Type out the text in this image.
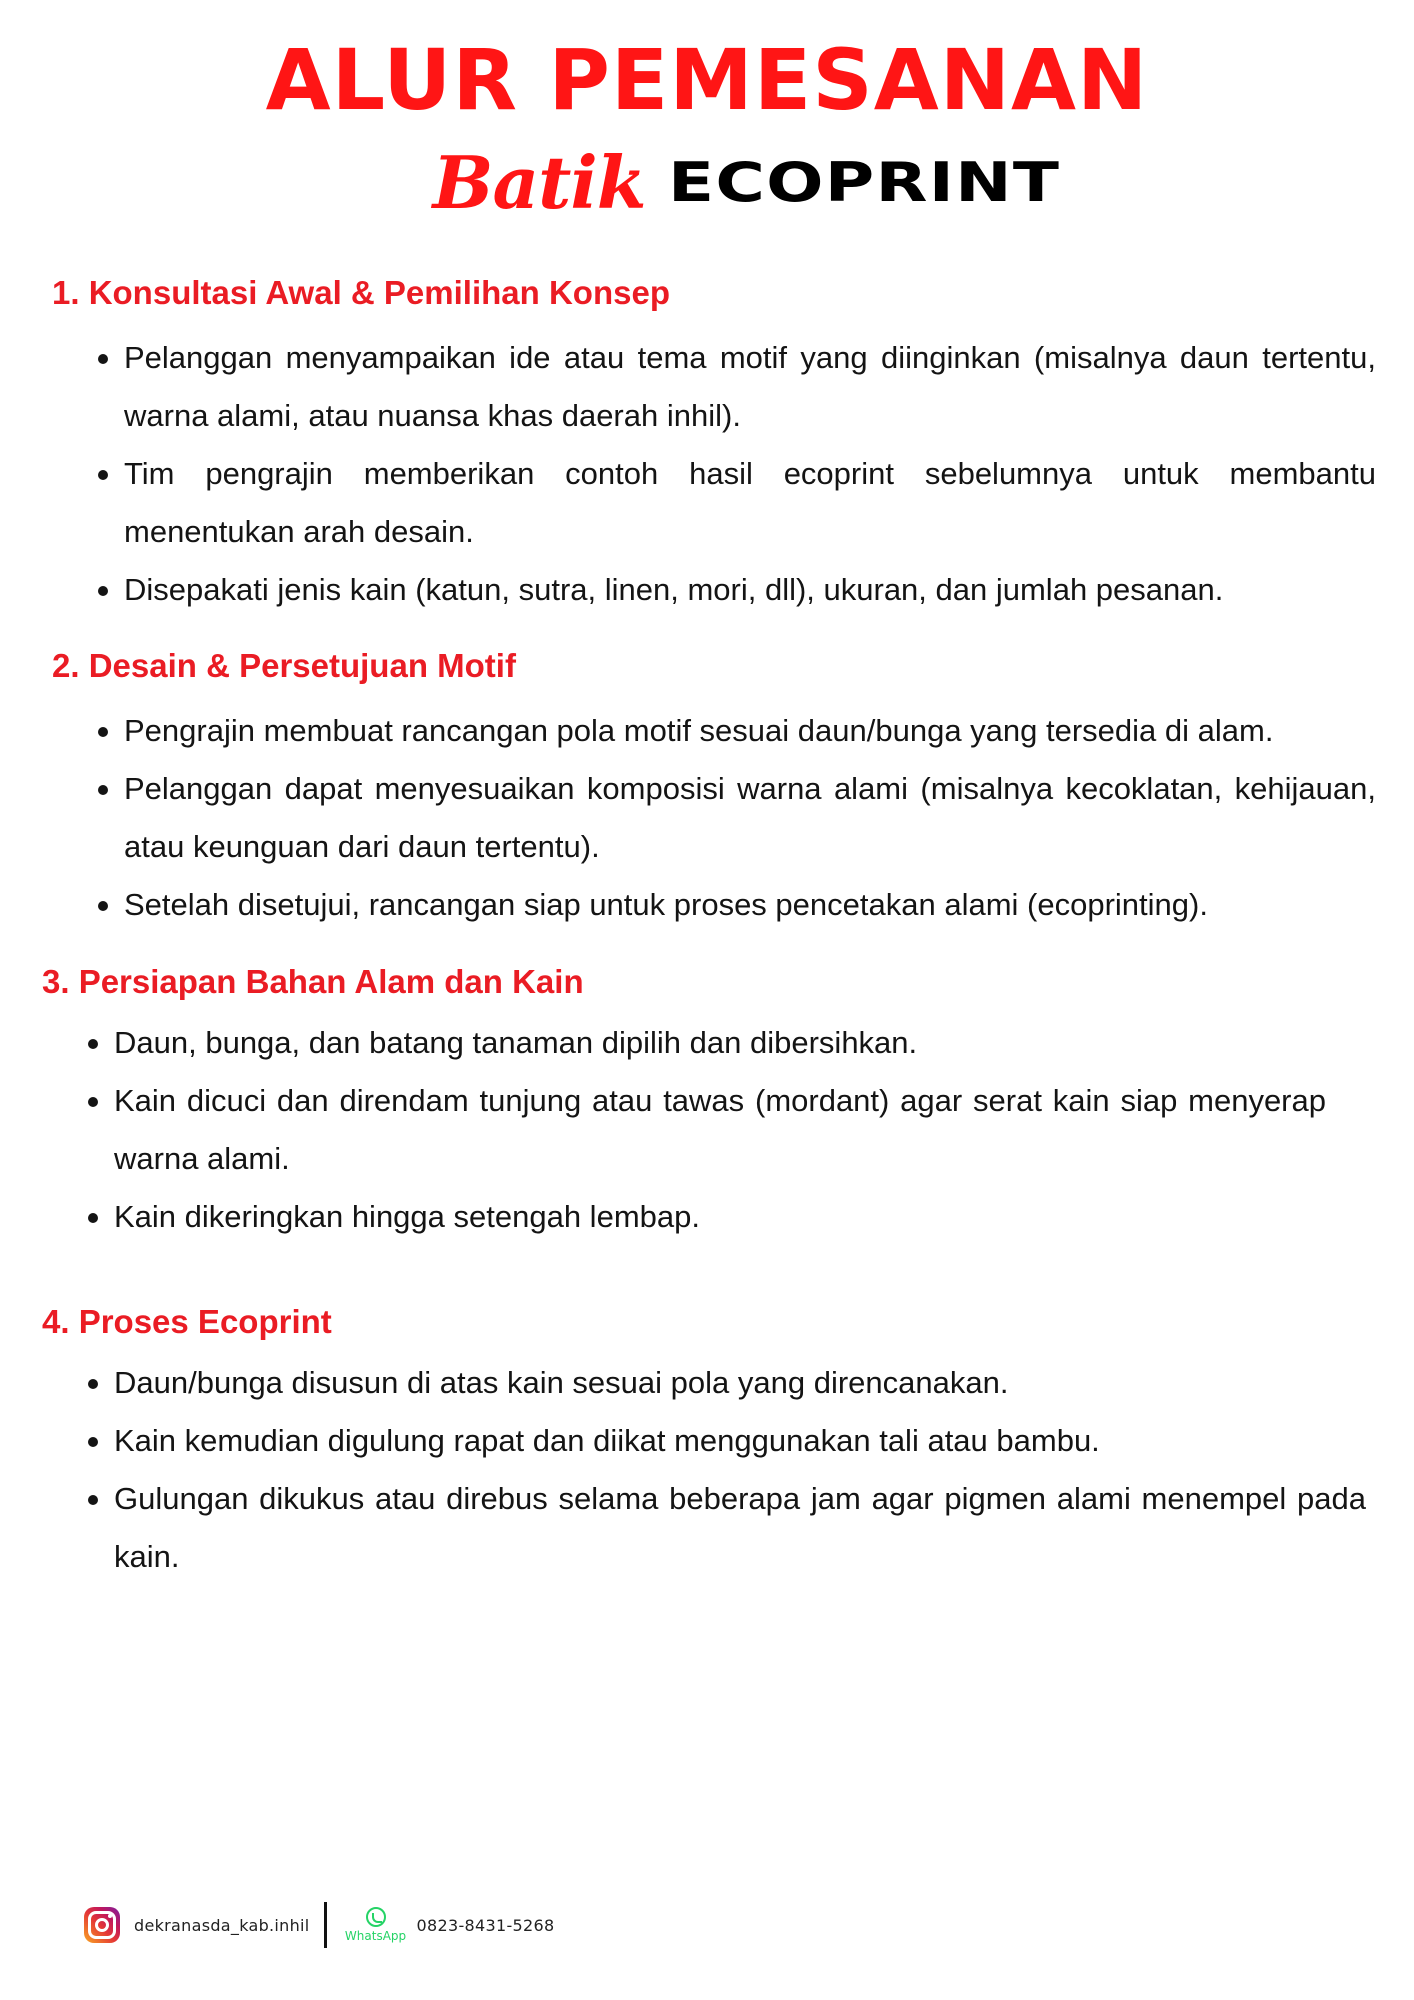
ALUR PEMESANAN
Batik ECOPRINT
1. Konsultasi Awal & Pemilihan Konsep
Pelanggan menyampaikan ide atau tema motif yang diinginkan (misalnya daun tertentu, warna alami, atau nuansa khas daerah inhil).
Tim pengrajin memberikan contoh hasil ecoprint sebelumnya untuk membantu menentukan arah desain.
Disepakati jenis kain (katun, sutra, linen, mori, dll), ukuran, dan jumlah pesanan.
2. Desain & Persetujuan Motif
Pengrajin membuat rancangan pola motif sesuai daun/bunga yang tersedia di alam.
Pelanggan dapat menyesuaikan komposisi warna alami (misalnya kecoklatan, kehijauan, atau keunguan dari daun tertentu).
Setelah disetujui, rancangan siap untuk proses pencetakan alami (ecoprinting).
3. Persiapan Bahan Alam dan Kain
Daun, bunga, dan batang tanaman dipilih dan dibersihkan.
Kain dicuci dan direndam tunjung atau tawas (mordant) agar serat kain siap menyerap warna alami.
Kain dikeringkan hingga setengah lembap.
4. Proses Ecoprint
Daun/bunga disusun di atas kain sesuai pola yang direncanakan.
Kain kemudian digulung rapat dan diikat menggunakan tali atau bambu.
Gulungan dikukus atau direbus selama beberapa jam agar pigmen alami menempel pada kain.
dekranasda_kab.inhil
WhatsApp
0823-8431-5268
